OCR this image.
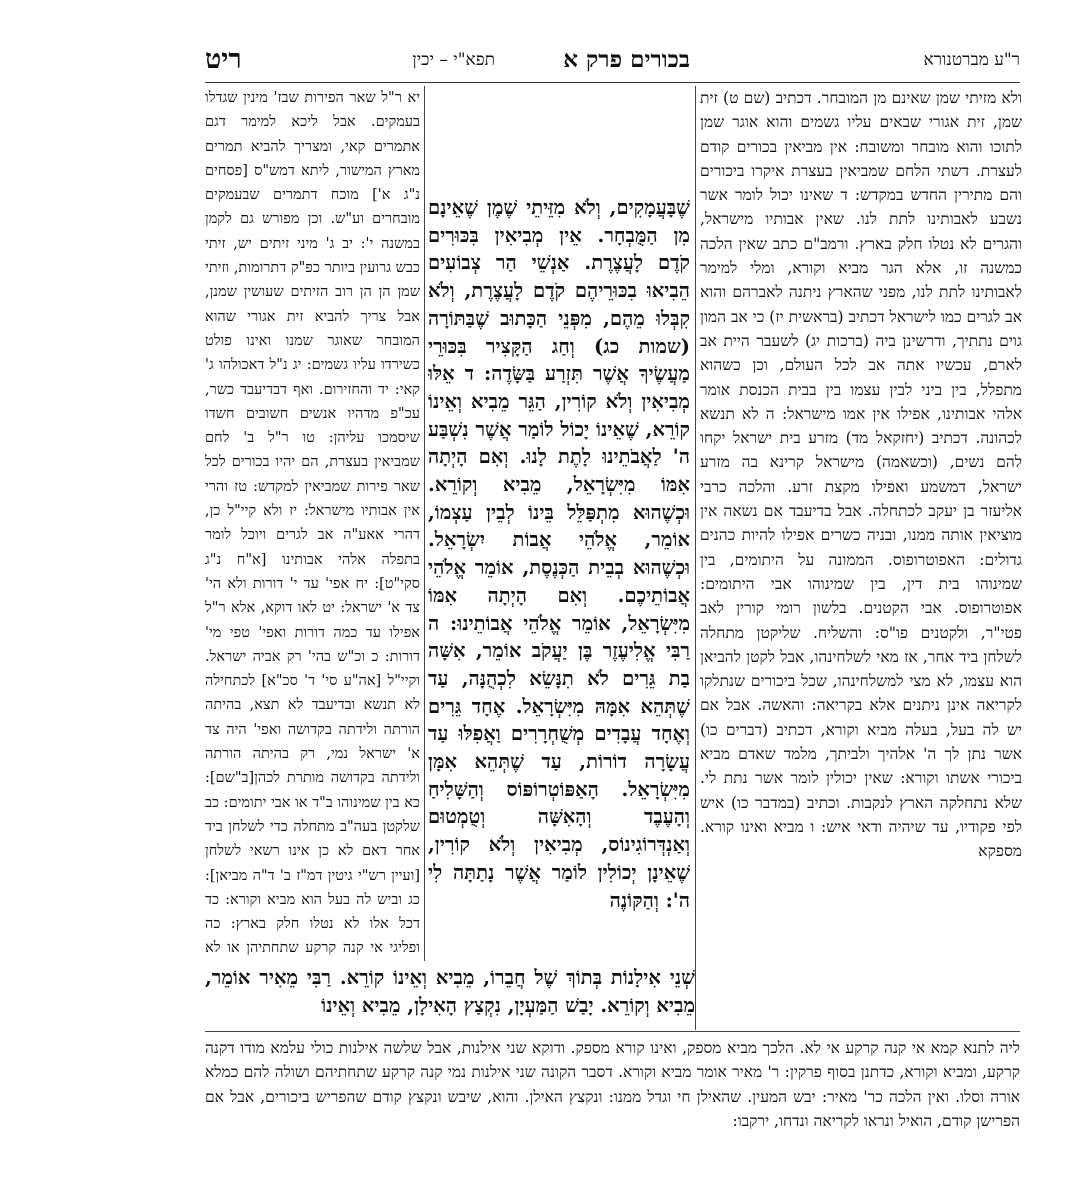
ר"ע מברטנורא
בכורים פרק א
תפא"י – יכין
ריט
ולא מזיתי שמן שאינם מן המובחר. דכתיב (שם ט) זית שמן, זית אגורי שבאים עליו גשמים והוא אוגר שמן לתוכו והוא מובחר ומשובח: אין מביאין בכורים קודם לעצרת. דשתי הלחם שמביאין בעצרת איקרו ביכורים והם מתירין החדש במקדש: ד שאינו יכול לומר אשר נשבע לאבותינו לתת לנו. שאין אבותיו מישראל, והגרים לא נטלו חלק בארץ. ורמב"ם כתב שאין הלכה כמשנה זו, אלא הגר מביא וקורא, ומלי למימר לאבותינו לתת לנו, מפני שהארץ ניתנה לאברהם והוא אב לגרים כמו לישראל דכתיב (בראשית יז) כי אב המון גוים נתתיך, ודרשינן ביה (ברכות יג) לשעבר היית אב לארם, עכשיו אתה אב לכל העולם, וכן כשהוא מתפלל, בין ביני לבין עצמו בין בבית הכנסת אומר אלהי אבותינו, אפילו אין אמו מישראל: ה לא תנשא לכהונה. דכתיב (יחזקאל מד) מזרע בית ישראל יקחו להם נשים, (וכשאמה) מישראל קרינא בה מזרע ישראל, דמשמע ואפילו מקצת זרע. והלכה כרבי אליעזר בן יעקב לכתחלה. אבל בדיעבד אם נשאה אין מוציאין אותה ממנו, ובניה כשרים אפילו להיות כהנים גדולים: האפוטרופוס. הממונה על היתומים, בין שמינוהו בית דין, בין שמינוהו אבי היתומים: אפוטרופוס. אבי הקטנים. בלשון רומי קורין לאב פטי"ר, ולקטנים פו"ס: והשליח. שליקטן מתחלה לשלחן ביד אחר, אז מאי לשלחינהו, אבל לקטן להביאן הוא עצמו, לא מצי למשלחינהו, שכל ביכורים שנתלקו לקריאה אינן ניתנים אלא בקריאה: והאשה. אבל אם יש לה בעל, בעלה מביא וקורא, דכתיב (דברים כו) אשר נתן לך ה' אלהיך ולביתך, מלמד שאדם מביא ביכורי אשתו וקורא: שאין יכולין לומר אשר נתת לי. שלא נתחלקה הארץ לנקבות. וכתיב (במדבר כו) איש לפי פקודיו, עד שיהיה ודאי איש: ו מביא ואינו קורא. מספקא
שֶׁבָּעֲמָקִים, וְלֹא מִזֵּיתֵי שֶׁמֶן שֶׁאֵינָם מִן הַמֻּבְחָר. אֵין מְבִיאִין בִּכּוּרִים קֹדֶם לָעֲצֶרֶת. אַנְשֵׁי הַר צְבוֹעִים הֵבִיאוּ בִכּוּרֵיהֶם קֹדֶם לָעֲצֶרֶת, וְלֹא קִבְּלוּ מֵהֶם, מִפְּנֵי הַכָּתוּב שֶׁבַּתּוֹרָה (שמות כג) וְחַג הַקָּצִיר בִּכּוּרֵי מַעֲשֶׂיךָ אֲשֶׁר תִּזְרַע בַּשָּׂדֶה: ד אֵלּוּ מְבִיאִין וְלֹא קוֹרִין, הַגֵּר מֵבִיא וְאֵינוֹ קוֹרֵא, שֶׁאֵינוֹ יָכוֹל לוֹמַר אֲשֶׁר נִשְׁבַּע ה' לַאֲבֹתֵינוּ לָתֶת לָנוּ. וְאִם הָיְתָה אִמּוֹ מִיִּשְׂרָאֵל, מֵבִיא וְקוֹרֵא. וּכְשֶׁהוּא מִתְפַּלֵּל בֵּינוֹ לְבֵין עַצְמוֹ, אוֹמֵר, אֱלֹהֵי אֲבוֹת יִשְׂרָאֵל. וּכְשֶׁהוּא בְבֵית הַכְּנֶסֶת, אוֹמֵר אֱלֹהֵי אֲבוֹתֵיכֶם. וְאִם הָיְתָה אִמּוֹ מִיִּשְׂרָאֵל, אוֹמֵר אֱלֹהֵי אֲבוֹתֵינוּ: ה רַבִּי אֱלִיעֶזֶר בֶּן יַעֲקֹב אוֹמֵר, אִשָּׁה בַת גֵּרִים לֹא תִנָּשֵׂא לִכְהֻנָּה, עַד שֶׁתְּהֵא אִמָּהּ מִיִּשְׂרָאֵל. אֶחָד גֵּרִים וְאֶחָד עֲבָדִים מְשֻׁחְרָרִים וַאֲפִלּוּ עַד עֲשָׂרָה דוֹרוֹת, עַד שֶׁתְּהֵא אִמָּן מִיִּשְׂרָאֵל. הָאַפּוֹטְרוֹפּוֹס וְהַשָּׁלִיחַ וְהָעֶבֶד וְהָאִשָּׁה וְטֻמְטוּם וְאַנְדְּרוֹגִינוֹס, מְבִיאִין וְלֹא קוֹרִין, שֶׁאֵינָן יְכוֹלִין לוֹמַר אֲשֶׁר נָתַתָּה לִי ה': וְהַקּוֹנֶה
יא ר"ל שאר הפירות שבז' מינין שגדלו בעמקים. אבל ליכא למימר דגם אתמרים קאי, ומצריך להביא תמרים מארץ המישור, ליתא דמש"ס [פסחים נ"ג א'] מוכח דתמרים שבעמקים מובחרים וע"ש. וכן מפורש גם לקמן במשנה י': יב ג' מיני זיתים יש, זיתי כבש גרועין ביותר כפ"ק דתרומות, וזיתי שמן הן הן רוב הזיתים שעושין שמנן, אבל צריך להביא זית אגורי שהוא המובחר שאוגר שמנו ואינו פולט כשירדו עליו גשמים: יג נ"ל דאכולהו ג' קאי: יד והחזירום. ואף דבדיעבד כשר, עכ"פ מדהיו אנשים חשובים חשדו שיסמכו עליהן: טו ר"ל ב' לחם שמביאין בעצרת, הם יהיו בכורים לכל שאר פירות שמביאין למקדש: טז והרי אין אבותיו מישראל: יז ולא קיי"ל כן, דהרי אאע"ה אב לגרים ויוכל לומר בתפלה אלהי אבותינו [א"ח נ"ג סקי"ט]: יח אפי' עד י' דורות ולא הי' צד א' ישראל: יט לאו דוקא, אלא ר"ל אפילו עד כמה דורות ואפי' טפי מי' דורות: כ וכ"ש בהי' רק אביה ישראל. וקיי"ל [אה"ע סי' ד' סכ"א] לכתחילה לא תנשא ובדיעבד לא תצא, בהיתה הורתה ולידתה בקדושה ואפי' היה צד א' ישראל נמי, רק בהיתה הורתה ולידתה בקדושה מותרת לכהן[ב"שם]: כא בין שמינוהו ב"ד או אבי יתומים: כב שלקטן בעה"ב מתחלה כדי לשלחן ביד אחר דאם לא כן אינו רשאי לשלחן [ועיין רש"י גיטין דמ"ז ב' ד"ה מביאן]: כג וביש לה בעל הוא מביא וקורא: כד דכל אלו לא נטלו חלק בארץ: כה ופליגי אי קנה קרקע שתחתיהן או לא
שְׁנֵי אִילָנוֹת בְּתוֹךְ שֶׁל חֲבֵרוֹ, מֵבִיא וְאֵינוֹ קוֹרֵא. רַבִּי מֵאִיר אוֹמֵר, מֵבִיא וְקוֹרֵא. יָבַשׁ הַמַּעְיָן, נִקְצַץ הָאִילָן, מֵבִיא וְאֵינוֹ
ליה לתנא קמא אי קנה קרקע אי לא. הלכך מביא מספק, ואינו קורא מספק. ודוקא שני אילנות, אבל שלשה אילנות כולי עלמא מודו דקנה קרקע, ומביא וקורא, כדתנן בסוף פרקין: ר' מאיר אומר מביא וקורא. דסבר הקונה שני אילנות נמי קנה קרקע שתחתיהם ושולה להם כמלא אורה וסלו. ואין הלכה כר' מאיר: יבש המעין. שהאילן חי וגדל ממנו: ונקצץ האילן. והוא, שיבש ונקצץ קודם שהפריש ביכורים, אבל אם הפרישן קודם, הואיל ונראו לקריאה ונדחו, ירקבו:
